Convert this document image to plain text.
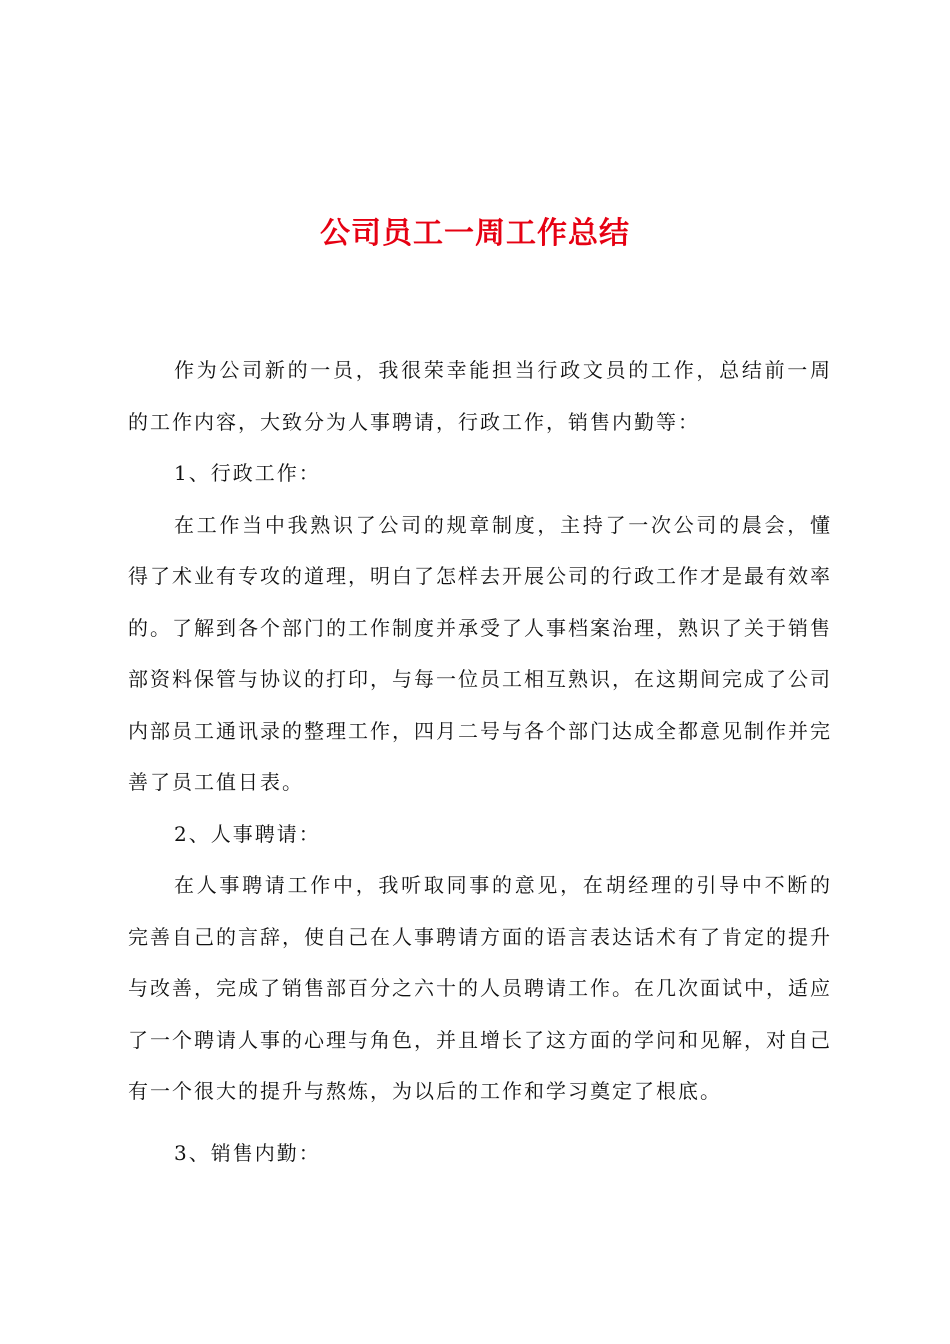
公司员工一周工作总结

作为公司新的一员，我很荣幸能担当行政文员的工作，总结前一周的工作内容，大致分为人事聘请，行政工作，销售内勤等：

1、行政工作：

在工作当中我熟识了公司的规章制度，主持了一次公司的晨会，懂得了术业有专攻的道理，明白了怎样去开展公司的行政工作才是最有效率的。了解到各个部门的工作制度并承受了人事档案治理，熟识了关于销售部资料保管与协议的打印，与每一位员工相互熟识，在这期间完成了公司内部员工通讯录的整理工作，四月二号与各个部门达成全都意见制作并完善了员工值日表。

2、人事聘请：

在人事聘请工作中，我听取同事的意见，在胡经理的引导中不断的完善自己的言辞，使自己在人事聘请方面的语言表达话术有了肯定的提升与改善，完成了销售部百分之六十的人员聘请工作。在几次面试中，适应了一个聘请人事的心理与角色，并且增长了这方面的学问和见解，对自己有一个很大的提升与熬炼，为以后的工作和学习奠定了根底。

3、销售内勤：
